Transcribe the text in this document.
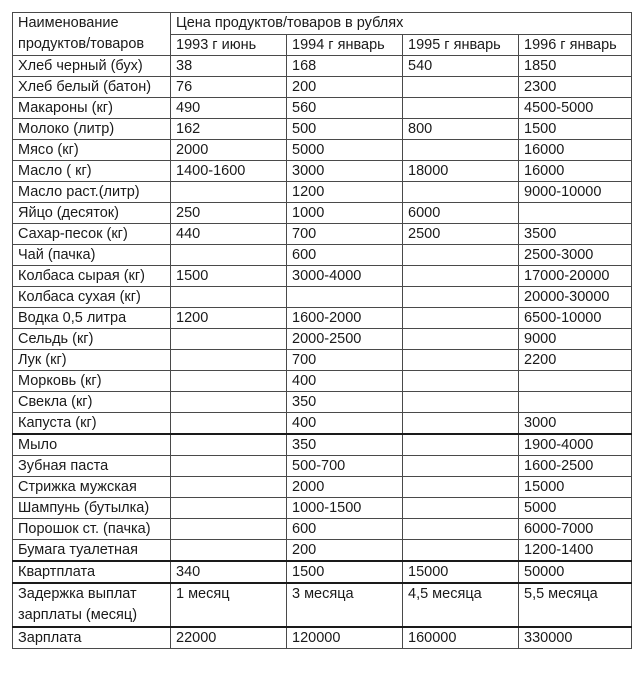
Наименование продуктов/товаров	Цена продуктов/товаров в рублях			
	1993 г июнь	1994 г январь	1995 г январь	1996 г январь
Хлеб черный (бух)	38	168	540	1850
Хлеб белый (батон)	76	200		2300
Макароны (кг)	490	560		4500-5000
Молоко (литр)	162	500	800	1500
Мясо (кг)	2000	5000		16000
Масло ( кг)	1400-1600	3000	18000	16000
Масло раст.(литр)		1200		9000-10000
Яйцо (десяток)	250	1000	6000	
Сахар-песок (кг)	440	700	2500	3500
Чай (пачка)		600		2500-3000
Колбаса сырая (кг)	1500	3000-4000		17000-20000
Колбаса сухая (кг)				20000-30000
Водка 0,5 литра	1200	1600-2000		6500-10000
Сельдь (кг)		2000-2500		9000
Лук (кг)		700		2200
Морковь (кг)		400		
Свекла (кг)		350		
Капуста (кг)		400		3000
Мыло		350		1900-4000
Зубная паста		500-700		1600-2500
Стрижка мужская		2000		15000
Шампунь (бутылка)		1000-1500		5000
Порошок ст. (пачка)		600		6000-7000
Бумага туалетная		200		1200-1400
Квартплата	340	1500	15000	50000
Задержка выплат зарплаты (месяц)	1 месяц	3 месяца	4,5 месяца	5,5 месяца
Зарплата	22000	120000	160000	330000
